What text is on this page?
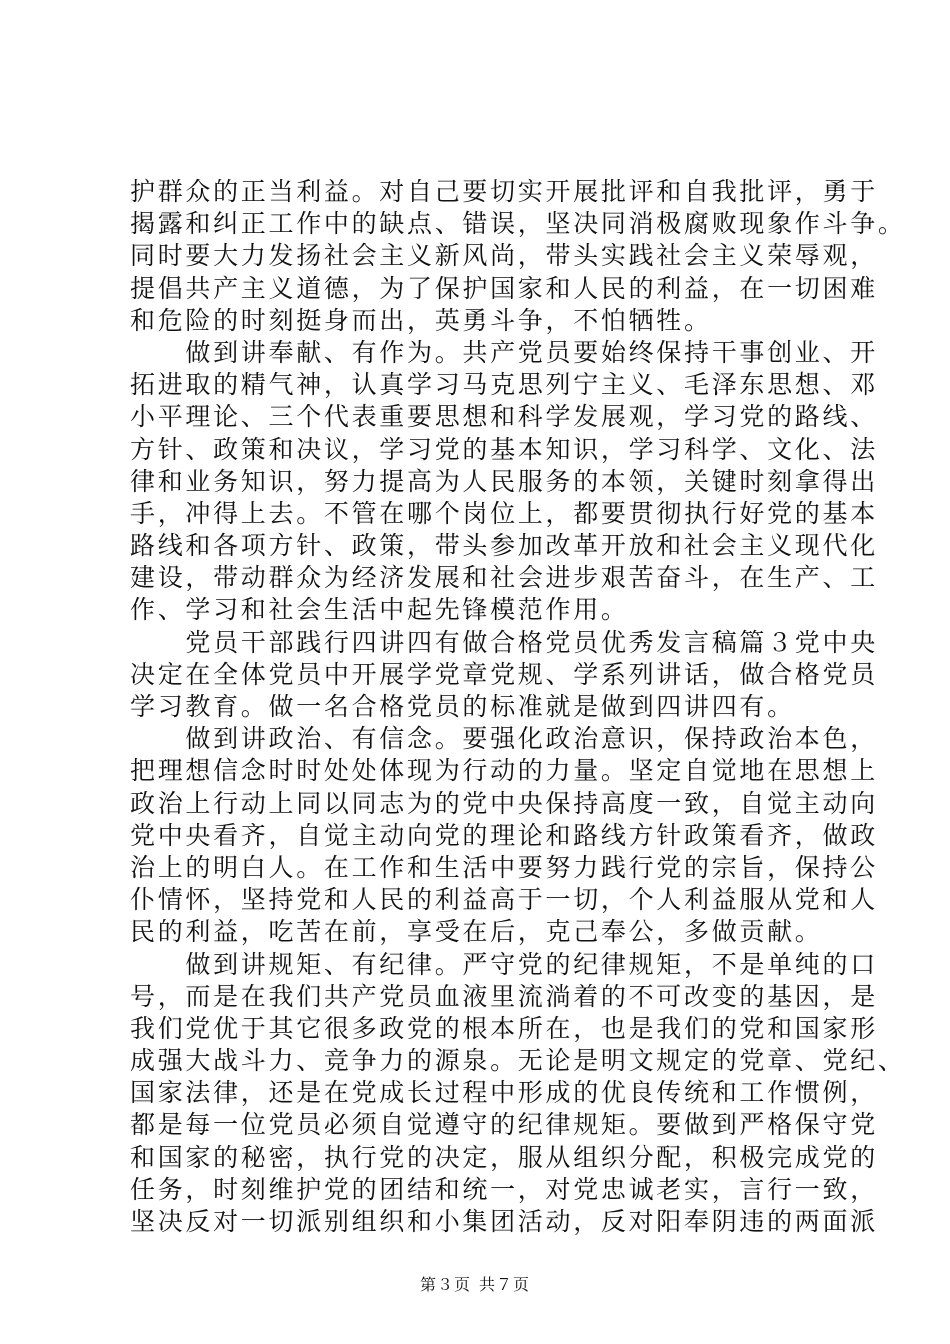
护群众的正当利益。对自己要切实开展批评和自我批评，勇于
揭露和纠正工作中的缺点、错误，坚决同消极腐败现象作斗争。
同时要大力发扬社会主义新风尚，带头实践社会主义荣辱观，
提倡共产主义道德，为了保护国家和人民的利益，在一切困难
和危险的时刻挺身而出，英勇斗争，不怕牺牲。
　　做到讲奉献、有作为。共产党员要始终保持干事创业、开
拓进取的精气神，认真学习马克思列宁主义、毛泽东思想、邓
小平理论、三个代表重要思想和科学发展观，学习党的路线、
方针、政策和决议，学习党的基本知识，学习科学、文化、法
律和业务知识，努力提高为人民服务的本领，关键时刻拿得出
手，冲得上去。不管在哪个岗位上，都要贯彻执行好党的基本
路线和各项方针、政策，带头参加改革开放和社会主义现代化
建设，带动群众为经济发展和社会进步艰苦奋斗，在生产、工
作、学习和社会生活中起先锋模范作用。
　　党员干部践行四讲四有做合格党员优秀发言稿篇３党中央
决定在全体党员中开展学党章党规、学系列讲话，做合格党员
学习教育。做一名合格党员的标准就是做到四讲四有。
　　做到讲政治、有信念。要强化政治意识，保持政治本色，
把理想信念时时处处体现为行动的力量。坚定自觉地在思想上
政治上行动上同以同志为的党中央保持高度一致，自觉主动向
党中央看齐，自觉主动向党的理论和路线方针政策看齐，做政
治上的明白人。在工作和生活中要努力践行党的宗旨，保持公
仆情怀，坚持党和人民的利益高于一切，个人利益服从党和人
民的利益，吃苦在前，享受在后，克己奉公，多做贡献。
　　做到讲规矩、有纪律。严守党的纪律规矩，不是单纯的口
号，而是在我们共产党员血液里流淌着的不可改变的基因，是
我们党优于其它很多政党的根本所在，也是我们的党和国家形
成强大战斗力、竞争力的源泉。无论是明文规定的党章、党纪、
国家法律，还是在党成长过程中形成的优良传统和工作惯例，
都是每一位党员必须自觉遵守的纪律规矩。要做到严格保守党
和国家的秘密，执行党的决定，服从组织分配，积极完成党的
任务，时刻维护党的团结和统一，对党忠诚老实，言行一致，
坚决反对一切派别组织和小集团活动，反对阳奉阴违的两面派
第３页 共７页
